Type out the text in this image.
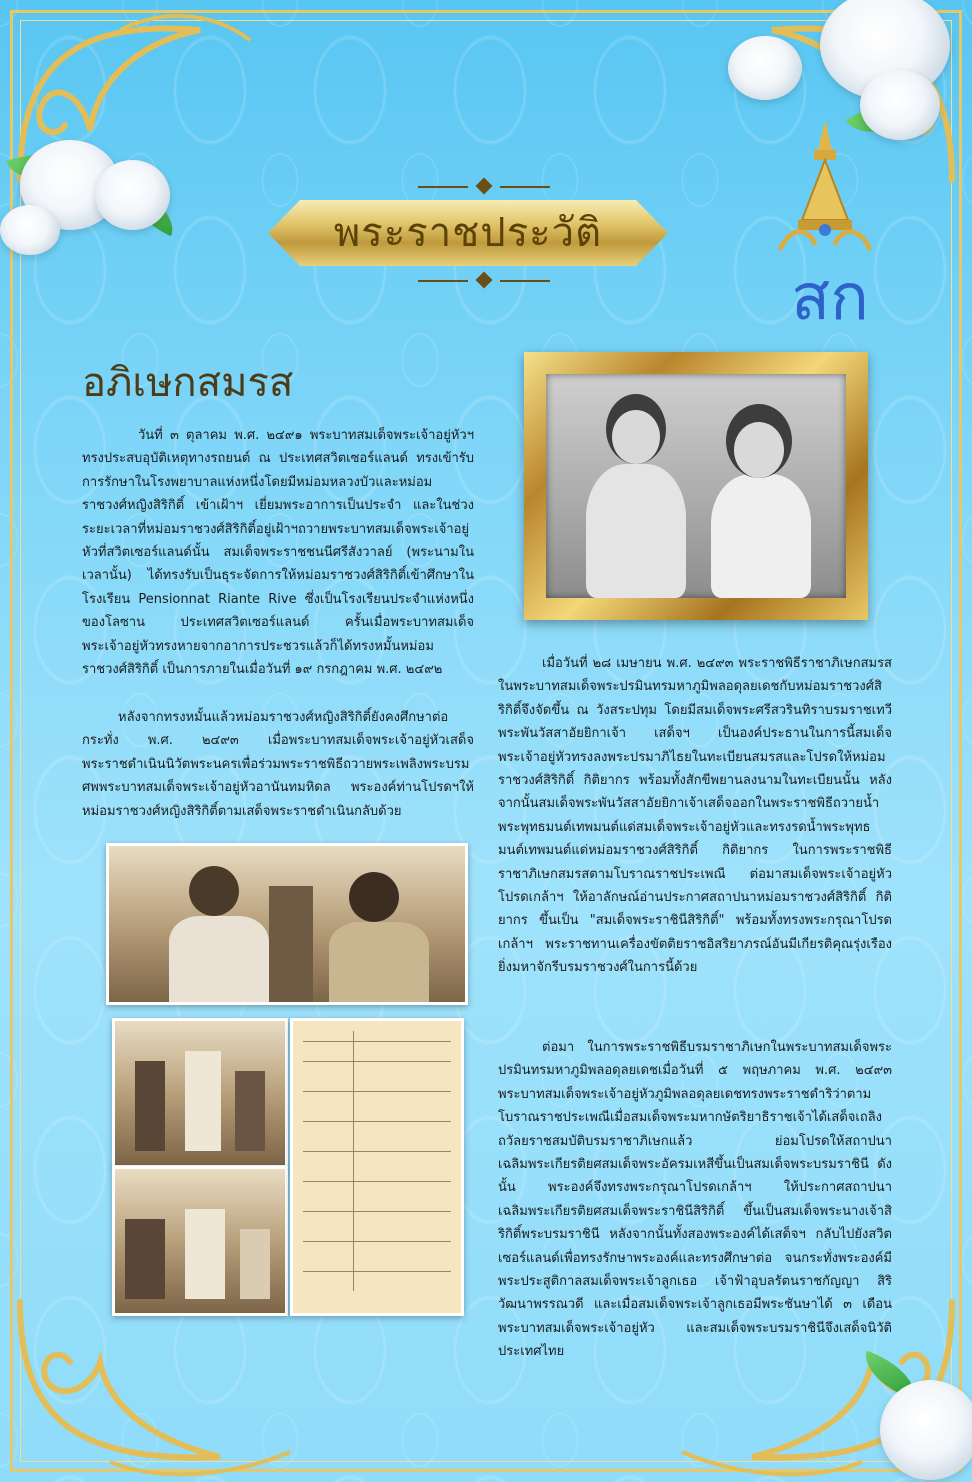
สก
พระราชประวัติ
อภิเษกสมรส
วันที่ ๓ ตุลาคม พ.ศ. ๒๔๙๑ พระบาทสมเด็จพระเจ้าอยู่หัวฯ ทรงประสบอุบัติเหตุทางรถยนต์ ณ ประเทศสวิตเซอร์แลนด์ ทรงเข้ารับการรักษาในโรงพยาบาลแห่งหนึ่งโดยมีหม่อมหลวงบัวและหม่อมราชวงศ์หญิงสิริกิติ์ เข้าเฝ้าฯ เยี่ยมพระอาการเป็นประจำ และในช่วงระยะเวลาที่หม่อมราชวงศ์สิริกิติ์อยู่เฝ้าฯถวายพระบาทสมเด็จพระเจ้าอยู่หัวที่สวิตเซอร์แลนด์นั้น สมเด็จพระราชชนนีศรีสังวาลย์ (พระนามในเวลานั้น) ได้ทรงรับเป็นธุระจัดการให้หม่อมราชวงศ์สิริกิติ์เข้าศึกษาในโรงเรียน Pensionnat Riante Rive ซึ่งเป็นโรงเรียนประจำแห่งหนึ่งของโลซาน ประเทศสวิตเซอร์แลนด์ ครั้นเมื่อพระบาทสมเด็จพระเจ้าอยู่หัวทรงหายจากอาการประชวรแล้วก็ได้ทรงหมั้นหม่อมราชวงศ์สิริกิติ์ เป็นการภายในเมื่อวันที่ ๑๙ กรกฎาคม พ.ศ. ๒๔๙๒
หลังจากทรงหมั้นแล้วหม่อมราชวงศ์หญิงสิริกิติ์ยังคงศึกษาต่อ กระทั่ง พ.ศ. ๒๔๙๓ เมื่อพระบาทสมเด็จพระเจ้าอยู่หัวเสด็จพระราชดำเนินนิวัตพระนครเพื่อร่วมพระราชพิธีถวายพระเพลิงพระบรมศพพระบาทสมเด็จพระเจ้าอยู่หัวอานันทมหิดล พระองค์ท่านโปรดฯให้หม่อมราชวงศ์หญิงสิริกิติ์ตามเสด็จพระราชดำเนินกลับด้วย
เมื่อวันที่ ๒๘ เมษายน พ.ศ. ๒๔๙๓ พระราชพิธีราชาภิเษกสมรสในพระบาทสมเด็จพระปรมินทรมหาภูมิพลอดุลยเดชกับหม่อมราชวงศ์สิริกิติ์จึงจัดขึ้น ณ วังสระปทุม โดยมีสมเด็จพระศรีสวรินทิราบรมราชเทวี พระพันวัสสาอัยยิกาเจ้า เสด็จฯ เป็นองค์ประธานในการนี้สมเด็จพระเจ้าอยู่หัวทรงลงพระปรมาภิไธยในทะเบียนสมรสและโปรดให้หม่อมราชวงศ์สิริกิติ์ กิติยากร พร้อมทั้งสักขีพยานลงนามในทะเบียนนั้น หลังจากนั้นสมเด็จพระพันวัสสาอัยยิกาเจ้าเสด็จออกในพระราชพิธีถวายน้ำพระพุทธมนต์เทพมนต์แด่สมเด็จพระเจ้าอยู่หัวและทรงรดน้ำพระพุทธมนต์เทพมนต์แด่หม่อมราชวงศ์สิริกิติ์ กิติยากร ในการพระราชพิธีราชาภิเษกสมรสตามโบราณราชประเพณี ต่อมาสมเด็จพระเจ้าอยู่หัวโปรดเกล้าฯ ให้อาลักษณ์อ่านประกาศสถาปนาหม่อมราชวงศ์สิริกิติ์ กิติยากร ขึ้นเป็น "สมเด็จพระราชินีสิริกิติ์" พร้อมทั้งทรงพระกรุณาโปรดเกล้าฯ พระราชทานเครื่องขัตติยราชอิสริยาภรณ์อันมีเกียรติคุณรุ่งเรืองยิ่งมหาจักรีบรมราชวงศ์ในการนี้ด้วย
ต่อมา ในการพระราชพิธีบรมราชาภิเษกในพระบาทสมเด็จพระปรมินทรมหาภูมิพลอดุลยเดชเมื่อวันที่ ๕ พฤษภาคม พ.ศ. ๒๔๙๓ พระบาทสมเด็จพระเจ้าอยู่หัวภูมิพลอดุลยเดชทรงพระราชดำริว่าตามโบราณราชประเพณีเมื่อสมเด็จพระมหากษัตริยาธิราชเจ้าได้เสด็จเถลิงถวัลยราชสมบัติบรมราชาภิเษกแล้ว ย่อมโปรดให้สถาปนาเฉลิมพระเกียรติยศสมเด็จพระอัครมเหสีขึ้นเป็นสมเด็จพระบรมราชินี ดังนั้น พระองค์จึงทรงพระกรุณาโปรดเกล้าฯ ให้ประกาศสถาปนาเฉลิมพระเกียรติยศสมเด็จพระราชินีสิริกิติ์ ขึ้นเป็นสมเด็จพระนางเจ้าสิริกิติ์พระบรมราชินี หลังจากนั้นทั้งสองพระองค์ได้เสด็จฯ กลับไปยังสวิตเซอร์แลนด์เพื่อทรงรักษาพระองค์และทรงศึกษาต่อ จนกระทั่งพระองค์มีพระประสูติกาลสมเด็จพระเจ้าลูกเธอ เจ้าฟ้าอุบลรัตนราชกัญญา สิริวัฒนาพรรณวดี และเมื่อสมเด็จพระเจ้าลูกเธอมีพระชันษาได้ ๓ เดือน พระบาทสมเด็จพระเจ้าอยู่หัว และสมเด็จพระบรมราชินีจึงเสด็จนิวัติประเทศไทย
